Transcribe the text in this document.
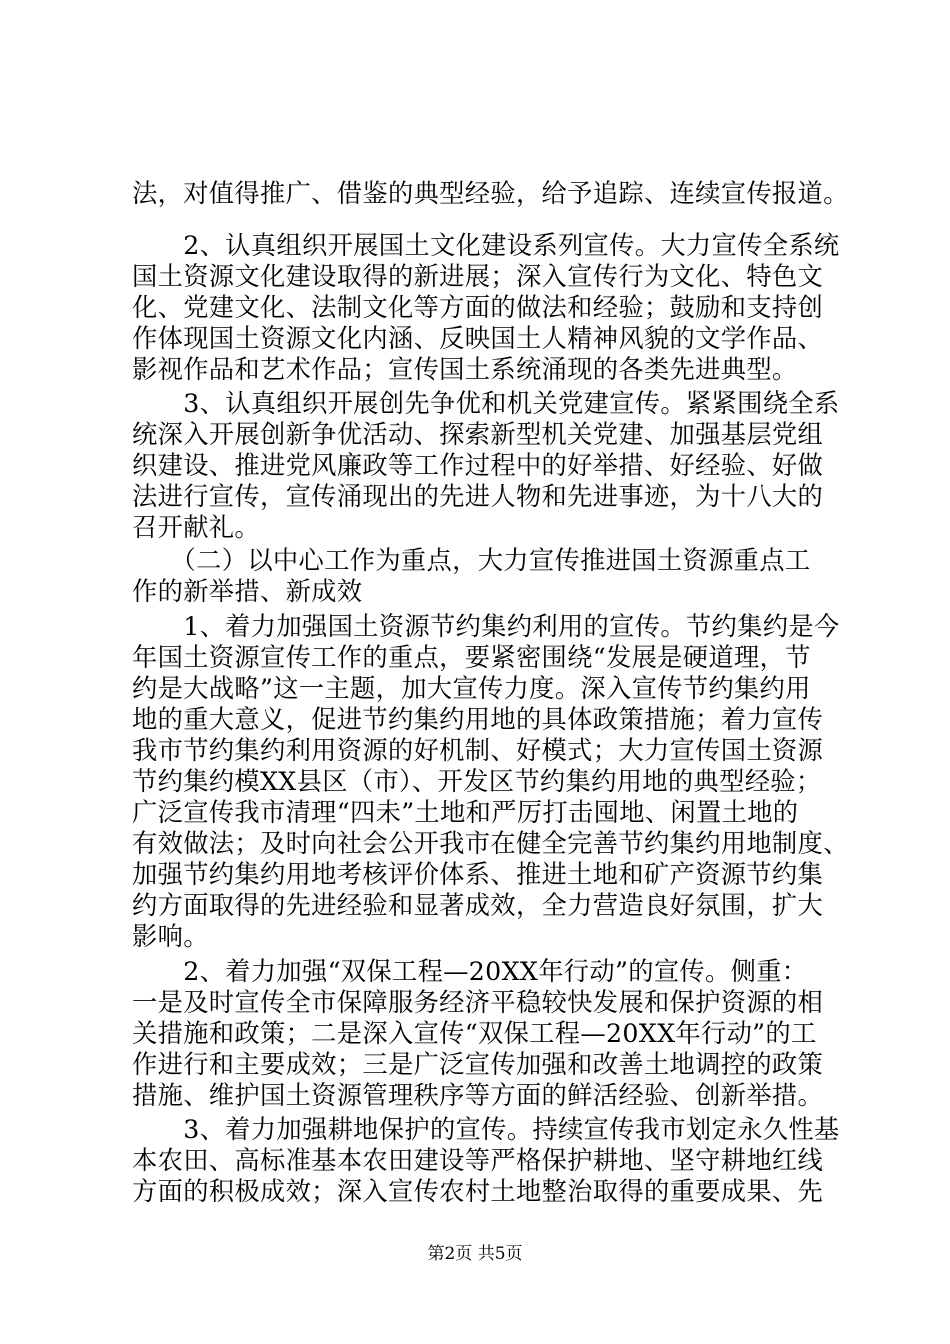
法，对值得推广、借鉴的典型经验，给予追踪、连续宣传报道。
　　2、认真组织开展国土文化建设系列宣传。大力宣传全系统
国土资源文化建设取得的新进展；深入宣传行为文化、特色文
化、党建文化、法制文化等方面的做法和经验；鼓励和支持创
作体现国土资源文化内涵、反映国土人精神风貌的文学作品、
影视作品和艺术作品；宣传国土系统涌现的各类先进典型。
　　3、认真组织开展创先争优和机关党建宣传。紧紧围绕全系
统深入开展创新争优活动、探索新型机关党建、加强基层党组
织建设、推进党风廉政等工作过程中的好举措、好经验、好做
法进行宣传，宣传涌现出的先进人物和先进事迹，为十八大的
召开献礼。
　　（二）以中心工作为重点，大力宣传推进国土资源重点工
作的新举措、新成效
　　1、着力加强国土资源节约集约利用的宣传。节约集约是今
年国土资源宣传工作的重点，要紧密围绕“发展是硬道理，节
约是大战略”这一主题，加大宣传力度。深入宣传节约集约用
地的重大意义，促进节约集约用地的具体政策措施；着力宣传
我市节约集约利用资源的好机制、好模式；大力宣传国土资源
节约集约模XX县区（市）、开发区节约集约用地的典型经验；
广泛宣传我市清理“四未”土地和严厉打击囤地、闲置土地的
有效做法；及时向社会公开我市在健全完善节约集约用地制度、
加强节约集约用地考核评价体系、推进土地和矿产资源节约集
约方面取得的先进经验和显著成效，全力营造良好氛围，扩大
影响。
　　2、着力加强“双保工程—20XX年行动”的宣传。侧重：
一是及时宣传全市保障服务经济平稳较快发展和保护资源的相
关措施和政策；二是深入宣传“双保工程—20XX年行动”的工
作进行和主要成效；三是广泛宣传加强和改善土地调控的政策
措施、维护国土资源管理秩序等方面的鲜活经验、创新举措。
　　3、着力加强耕地保护的宣传。持续宣传我市划定永久性基
本农田、高标准基本农田建设等严格保护耕地、坚守耕地红线
方面的积极成效；深入宣传农村土地整治取得的重要成果、先
第2页 共5页
